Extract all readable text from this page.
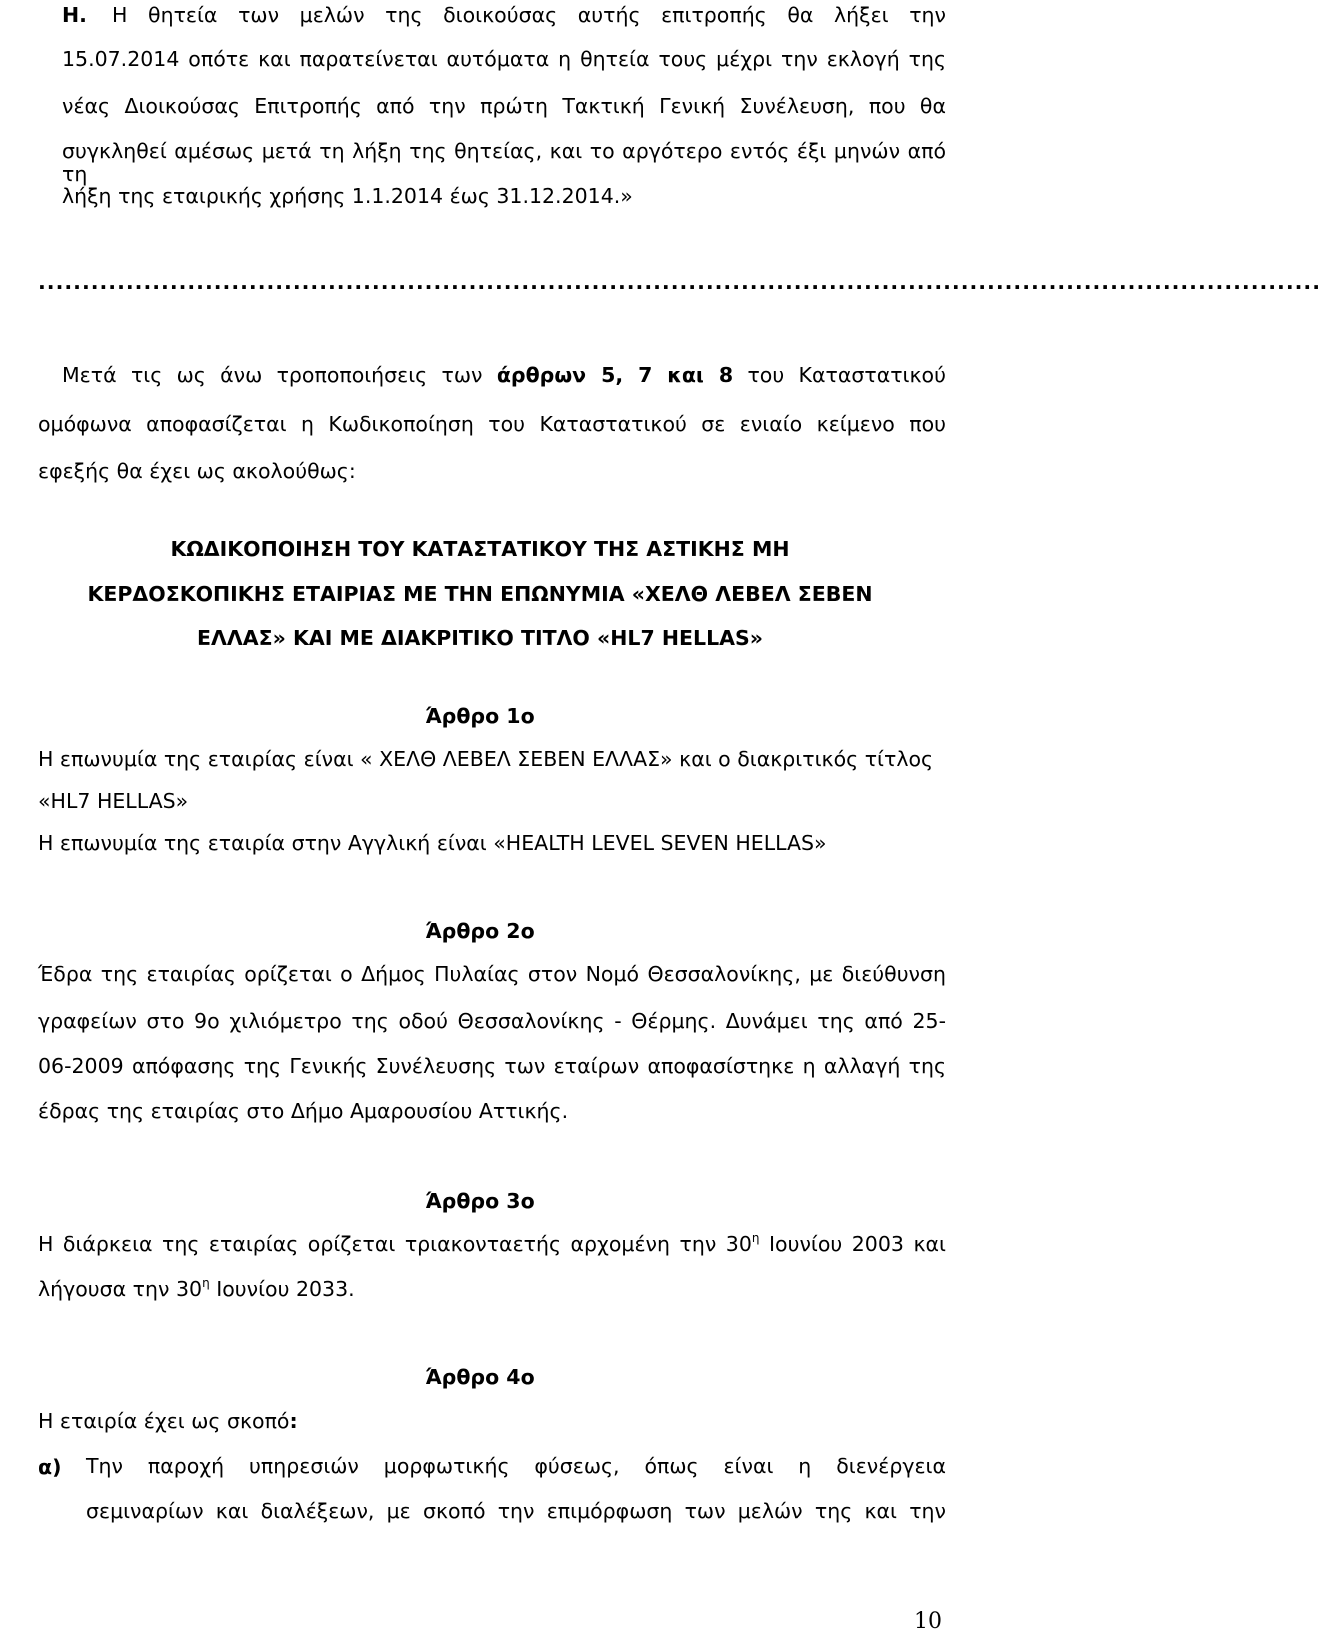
Η. Η θητεία των μελών της διοικούσας αυτής επιτροπής θα λήξει την
15.07.2014 οπότε και παρατείνεται αυτόματα η θητεία τους μέχρι την εκλογή της
νέας Διοικούσας Επιτροπής από την πρώτη Τακτική Γενική Συνέλευση, που θα
συγκληθεί αμέσως μετά τη λήξη της θητείας, και το αργότερο εντός έξι μηνών από τη
λήξη της εταιρικής χρήσης 1.1.2014 έως 31.12.2014.»
..................................................................................................................................................
Μετά τις ως άνω τροποποιήσεις των άρθρων 5, 7 και 8 του Καταστατικού
ομόφωνα αποφασίζεται η Κωδικοποίηση του Καταστατικού σε ενιαίο κείμενο που
εφεξής θα έχει ως ακολούθως:
ΚΩΔΙΚΟΠΟΙΗΣΗ ΤΟΥ ΚΑΤΑΣΤΑΤΙΚΟΥ ΤΗΣ ΑΣΤΙΚΗΣ ΜΗ
ΚΕΡΔΟΣΚΟΠΙΚΗΣ ΕΤΑΙΡΙΑΣ ΜΕ ΤΗΝ ΕΠΩΝΥΜΙΑ «ΧΕΛΘ ΛΕΒΕΛ ΣΕΒΕΝ
ΕΛΛΑΣ» ΚΑΙ ΜΕ ΔΙΑΚΡΙΤΙΚΟ ΤΙΤΛΟ «HL7 HELLAS»
Άρθρο 1ο
Η επωνυμία της εταιρίας είναι « ΧΕΛΘ ΛΕΒΕΛ ΣΕΒΕΝ ΕΛΛΑΣ» και ο διακριτικός τίτλος
«HL7 HELLAS»
Η επωνυμία της εταιρία στην Αγγλική είναι «HEALTH LEVEL SEVEN HELLAS»
Άρθρο 2ο
Έδρα της εταιρίας ορίζεται ο Δήμος Πυλαίας στον Νομό Θεσσαλονίκης, με διεύθυνση
γραφείων στο 9ο χιλιόμετρο της οδού Θεσσαλονίκης - Θέρμης. Δυνάμει της από 25-
06-2009 απόφασης της Γενικής Συνέλευσης των εταίρων αποφασίστηκε η αλλαγή της
έδρας της εταιρίας στο Δήμο Αμαρουσίου Αττικής.
Άρθρο 3ο
Η διάρκεια της εταιρίας ορίζεται τριακονταετής αρχομένη την $30^\eta$ Ιουνίου 2003 και
λήγουσα την $30^\eta$ Ιουνίου 2033.
Άρθρο 4ο
Η εταιρία έχει ως σκοπό:
α) Την παροχή υπηρεσιών μορφωτικής φύσεως, όπως είναι η διενέργεια
σεμιναρίων και διαλέξεων, με σκοπό την επιμόρφωση των μελών της και την
10
